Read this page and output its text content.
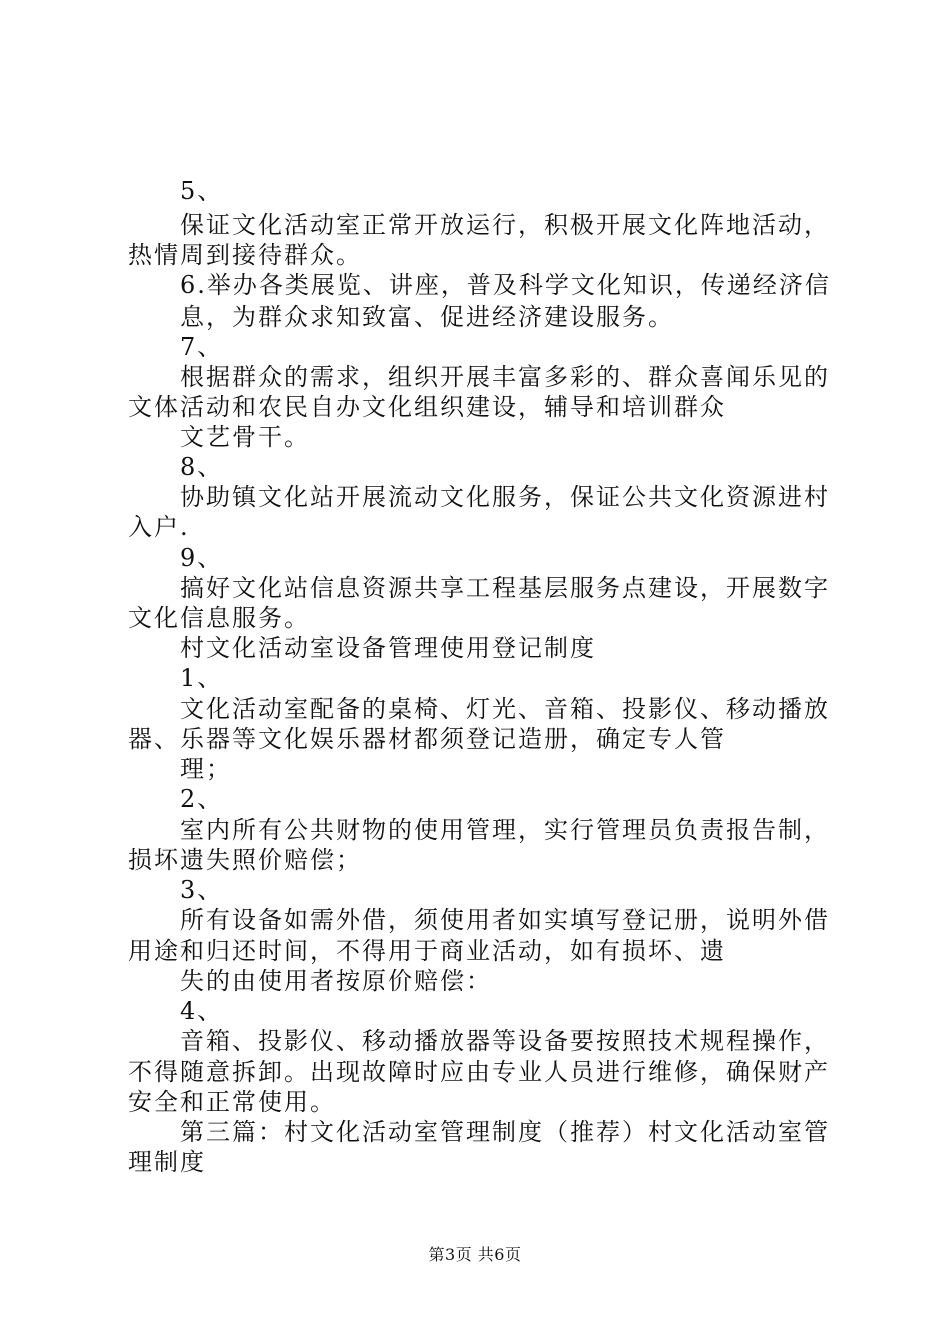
5、
保证文化活动室正常开放运行，积极开展文化阵地活动，
热情周到接待群众。
6.举办各类展览、讲座，普及科学文化知识，传递经济信
息，为群众求知致富、促进经济建设服务。
7、
根据群众的需求，组织开展丰富多彩的、群众喜闻乐见的
文体活动和农民自办文化组织建设，辅导和培训群众
文艺骨干。
8、
协助镇文化站开展流动文化服务，保证公共文化资源进村
入户.
9、
搞好文化站信息资源共享工程基层服务点建设，开展数字
文化信息服务。
村文化活动室设备管理使用登记制度
1、
文化活动室配备的桌椅、灯光、音箱、投影仪、移动播放
器、乐器等文化娱乐器材都须登记造册，确定专人管
理；
2、
室内所有公共财物的使用管理，实行管理员负责报告制，
损坏遗失照价赔偿；
3、
所有设备如需外借，须使用者如实填写登记册，说明外借
用途和归还时间，不得用于商业活动，如有损坏、遗
失的由使用者按原价赔偿：
4、
音箱、投影仪、移动播放器等设备要按照技术规程操作，
不得随意拆卸。出现故障时应由专业人员进行维修，确保财产
安全和正常使用。
第三篇：村文化活动室管理制度（推荐）村文化活动室管
理制度
第3页 共6页
